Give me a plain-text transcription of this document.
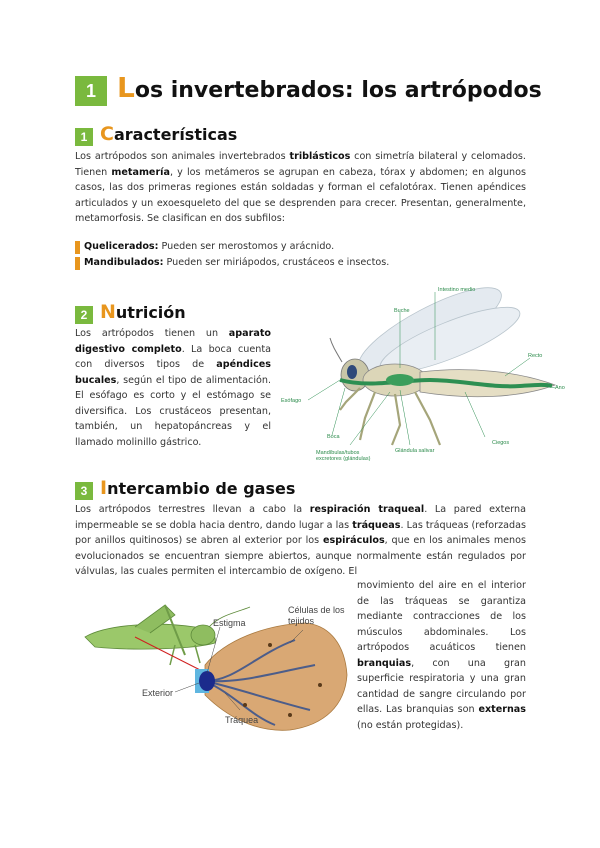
1 Los invertebrados: los artrópodos
1 Características

Los artrópodos son animales invertebrados triblásticos con simetría bilateral y celomados. Tienen metamería, y los metámeros se agrupan en cabeza, tórax y abdomen; en algunos casos, las dos primeras regiones están soldadas y forman el cefalotórax. Tienen apéndices articulados y un exoesqueleto del que se desprenden para crecer. Presentan, generalmente, metamorfosis. Se clasifican en dos subfilos:

Quelicerados: Pueden ser merostomos y arácnido.
Mandibulados: Pueden ser miriápodos, crustáceos e insectos.
2 Nutrición

Los artrópodos tienen un aparato digestivo completo. La boca cuenta con diversos tipos de apéndices bucales, según el tipo de alimentación. El esófago es corto y el estómago se diversifica. Los crustáceos presentan, también, un hepatopáncreas y el llamado molinillo gástrico.

Intestino medio
Buche
Recto
Ano
Esófago
Boca
Mandíbulas/tubos excretores (glándulas)
Glándula salivar
Ciegos
3 Intercambio de gases

Los artrópodos terrestres llevan a cabo la respiración traqueal. La pared externa impermeable se se dobla hacia dentro, dando lugar a las tráqueas. Las tráqueas (reforzadas por anillos quitinosos) se abren al exterior por los espiráculos, que en los animales menos evolucionados se encuentran siempre abiertos, aunque normalmente están regulados por válvulas, las cuales permiten el intercambio de oxígeno. El

movimiento del aire en el interior de las tráqueas se garantiza mediante contracciones de los músculos abdominales. Los artrópodos acuáticos tienen branquias, con una gran superficie respiratoria y una gran cantidad de sangre circulando por ellas. Las branquias son externas (no están protegidas).

Estigma
Células de los tejidos
Exterior
Tráquea
